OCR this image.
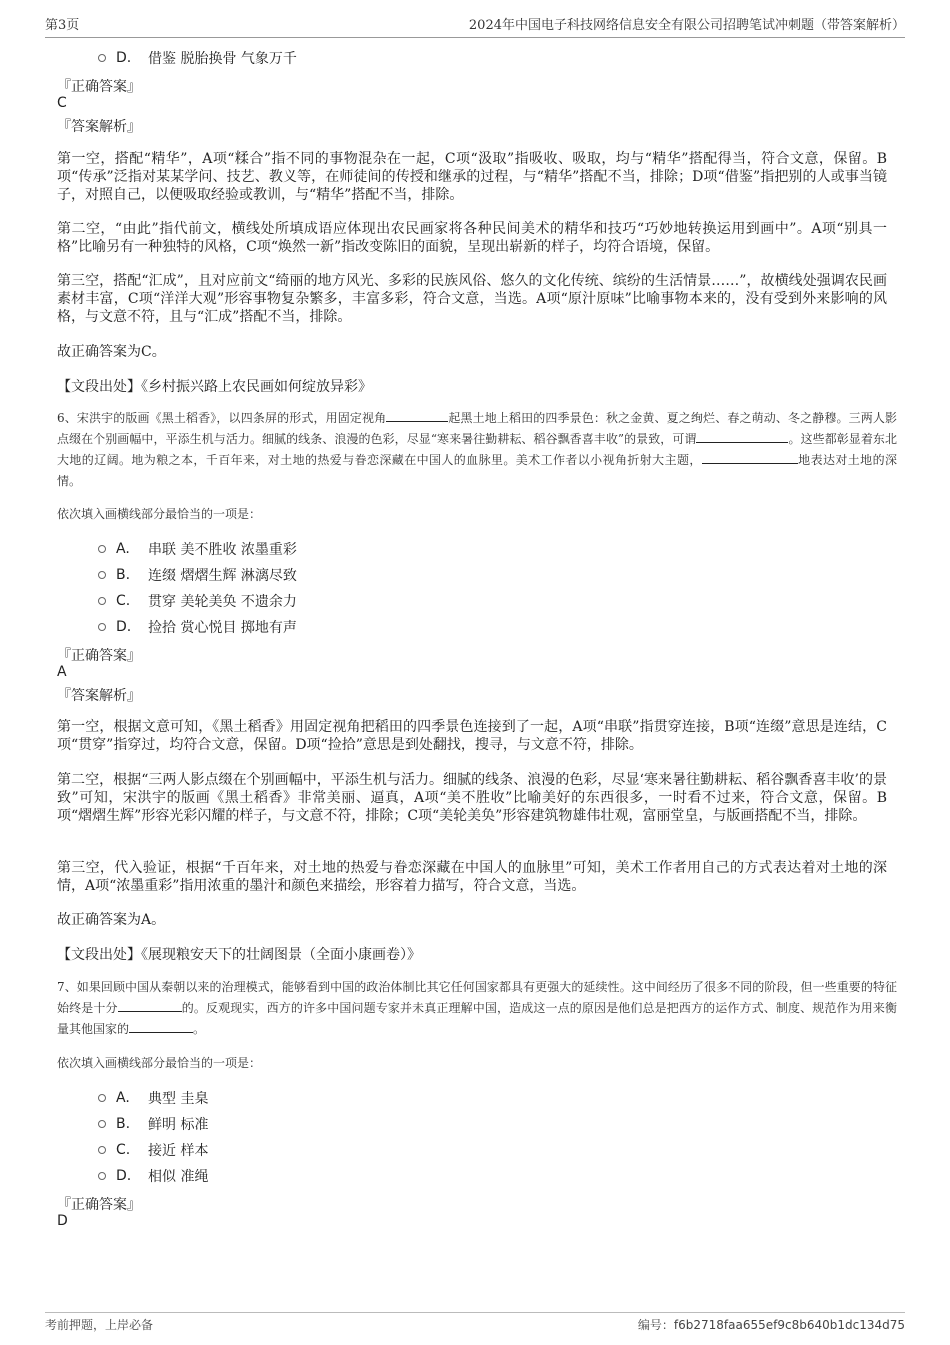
第3页	2024年中国电子科技网络信息安全有限公司招聘笔试冲刺题（带答案解析）
D.	借鉴 脱胎换骨 气象万千
『正确答案』
C
『答案解析』
第一空，搭配“精华”，A项“糅合”指不同的事物混杂在一起，C项“汲取”指吸收、吸取，均与“精华”搭配得当，符合文意，保留。B项“传承”泛指对某某学问、技艺、教义等，在师徒间的传授和继承的过程，与“精华”搭配不当，排除；D项“借鉴”指把别的人或事当镜子，对照自己，以便吸取经验或教训，与“精华”搭配不当，排除。
第二空，“由此”指代前文，横线处所填成语应体现出农民画家将各种民间美术的精华和技巧“巧妙地转换运用到画中”。A项“别具一格”比喻另有一种独特的风格，C项“焕然一新”指改变陈旧的面貌，呈现出崭新的样子，均符合语境，保留。
第三空，搭配“汇成”，且对应前文“绮丽的地方风光、多彩的民族风俗、悠久的文化传统、缤纷的生活情景……”，故横线处强调农民画素材丰富，C项“洋洋大观”形容事物复杂繁多，丰富多彩，符合文意，当选。A项“原汁原味”比喻事物本来的，没有受到外来影响的风格，与文意不符，且与“汇成”搭配不当，排除。
故正确答案为C。
【文段出处】《乡村振兴路上农民画如何绽放异彩》
6、宋洪宇的版画《黑土稻香》，以四条屏的形式，用固定视角	起黑土地上稻田的四季景色：秋之金黄、夏之绚烂、春之萌动、冬之静穆。三两人影点缀在个别画幅中，平添生机与活力。细腻的线条、浪漫的色彩，尽显“寒来暑往勤耕耘、稻谷飘香喜丰收”的景致，可谓	。这些都彰显着东北大地的辽阔。地为粮之本，千百年来，对土地的热爱与眷恋深藏在中国人的血脉里。美术工作者以小视角折射大主题，	地表达对土地的深情。
依次填入画横线部分最恰当的一项是：
A.	串联 美不胜收 浓墨重彩
B.	连缀 熠熠生辉 淋漓尽致
C.	贯穿 美轮美奂 不遗余力
D.	捡拾 赏心悦目 掷地有声
『正确答案』
A
『答案解析』
第一空，根据文意可知，《黑土稻香》用固定视角把稻田的四季景色连接到了一起，A项“串联”指贯穿连接，B项“连缀”意思是连结，C项“贯穿”指穿过，均符合文意，保留。D项“捡拾”意思是到处翻找，搜寻，与文意不符，排除。
第二空，根据“三两人影点缀在个别画幅中，平添生机与活力。细腻的线条、浪漫的色彩，尽显‘寒来暑往勤耕耘、稻谷飘香喜丰收’的景致”可知，宋洪宇的版画《黑土稻香》非常美丽、逼真，A项“美不胜收”比喻美好的东西很多，一时看不过来，符合文意，保留。B项“熠熠生辉”形容光彩闪耀的样子，与文意不符，排除；C项“美轮美奂”形容建筑物雄伟壮观，富丽堂皇，与版画搭配不当，排除。
第三空，代入验证，根据“千百年来，对土地的热爱与眷恋深藏在中国人的血脉里”可知，美术工作者用自己的方式表达着对土地的深情，A项“浓墨重彩”指用浓重的墨汁和颜色来描绘，形容着力描写，符合文意，当选。
故正确答案为A。
【文段出处】《展现粮安天下的壮阔图景（全面小康画卷）》
7、如果回顾中国从秦朝以来的治理模式，能够看到中国的政治体制比其它任何国家都具有更强大的延续性。这中间经历了很多不同的阶段，但一些重要的特征始终是十分	的。反观现实，西方的许多中国问题专家并未真正理解中国，造成这一点的原因是他们总是把西方的运作方式、制度、规范作为用来衡量其他国家的	。
依次填入画横线部分最恰当的一项是：
A.	典型 圭臬
B.	鲜明 标准
C.	接近 样本
D.	相似 准绳
『正确答案』
D
考前押题，上岸必备	编号：f6b2718faa655ef9c8b640b1dc134d75
